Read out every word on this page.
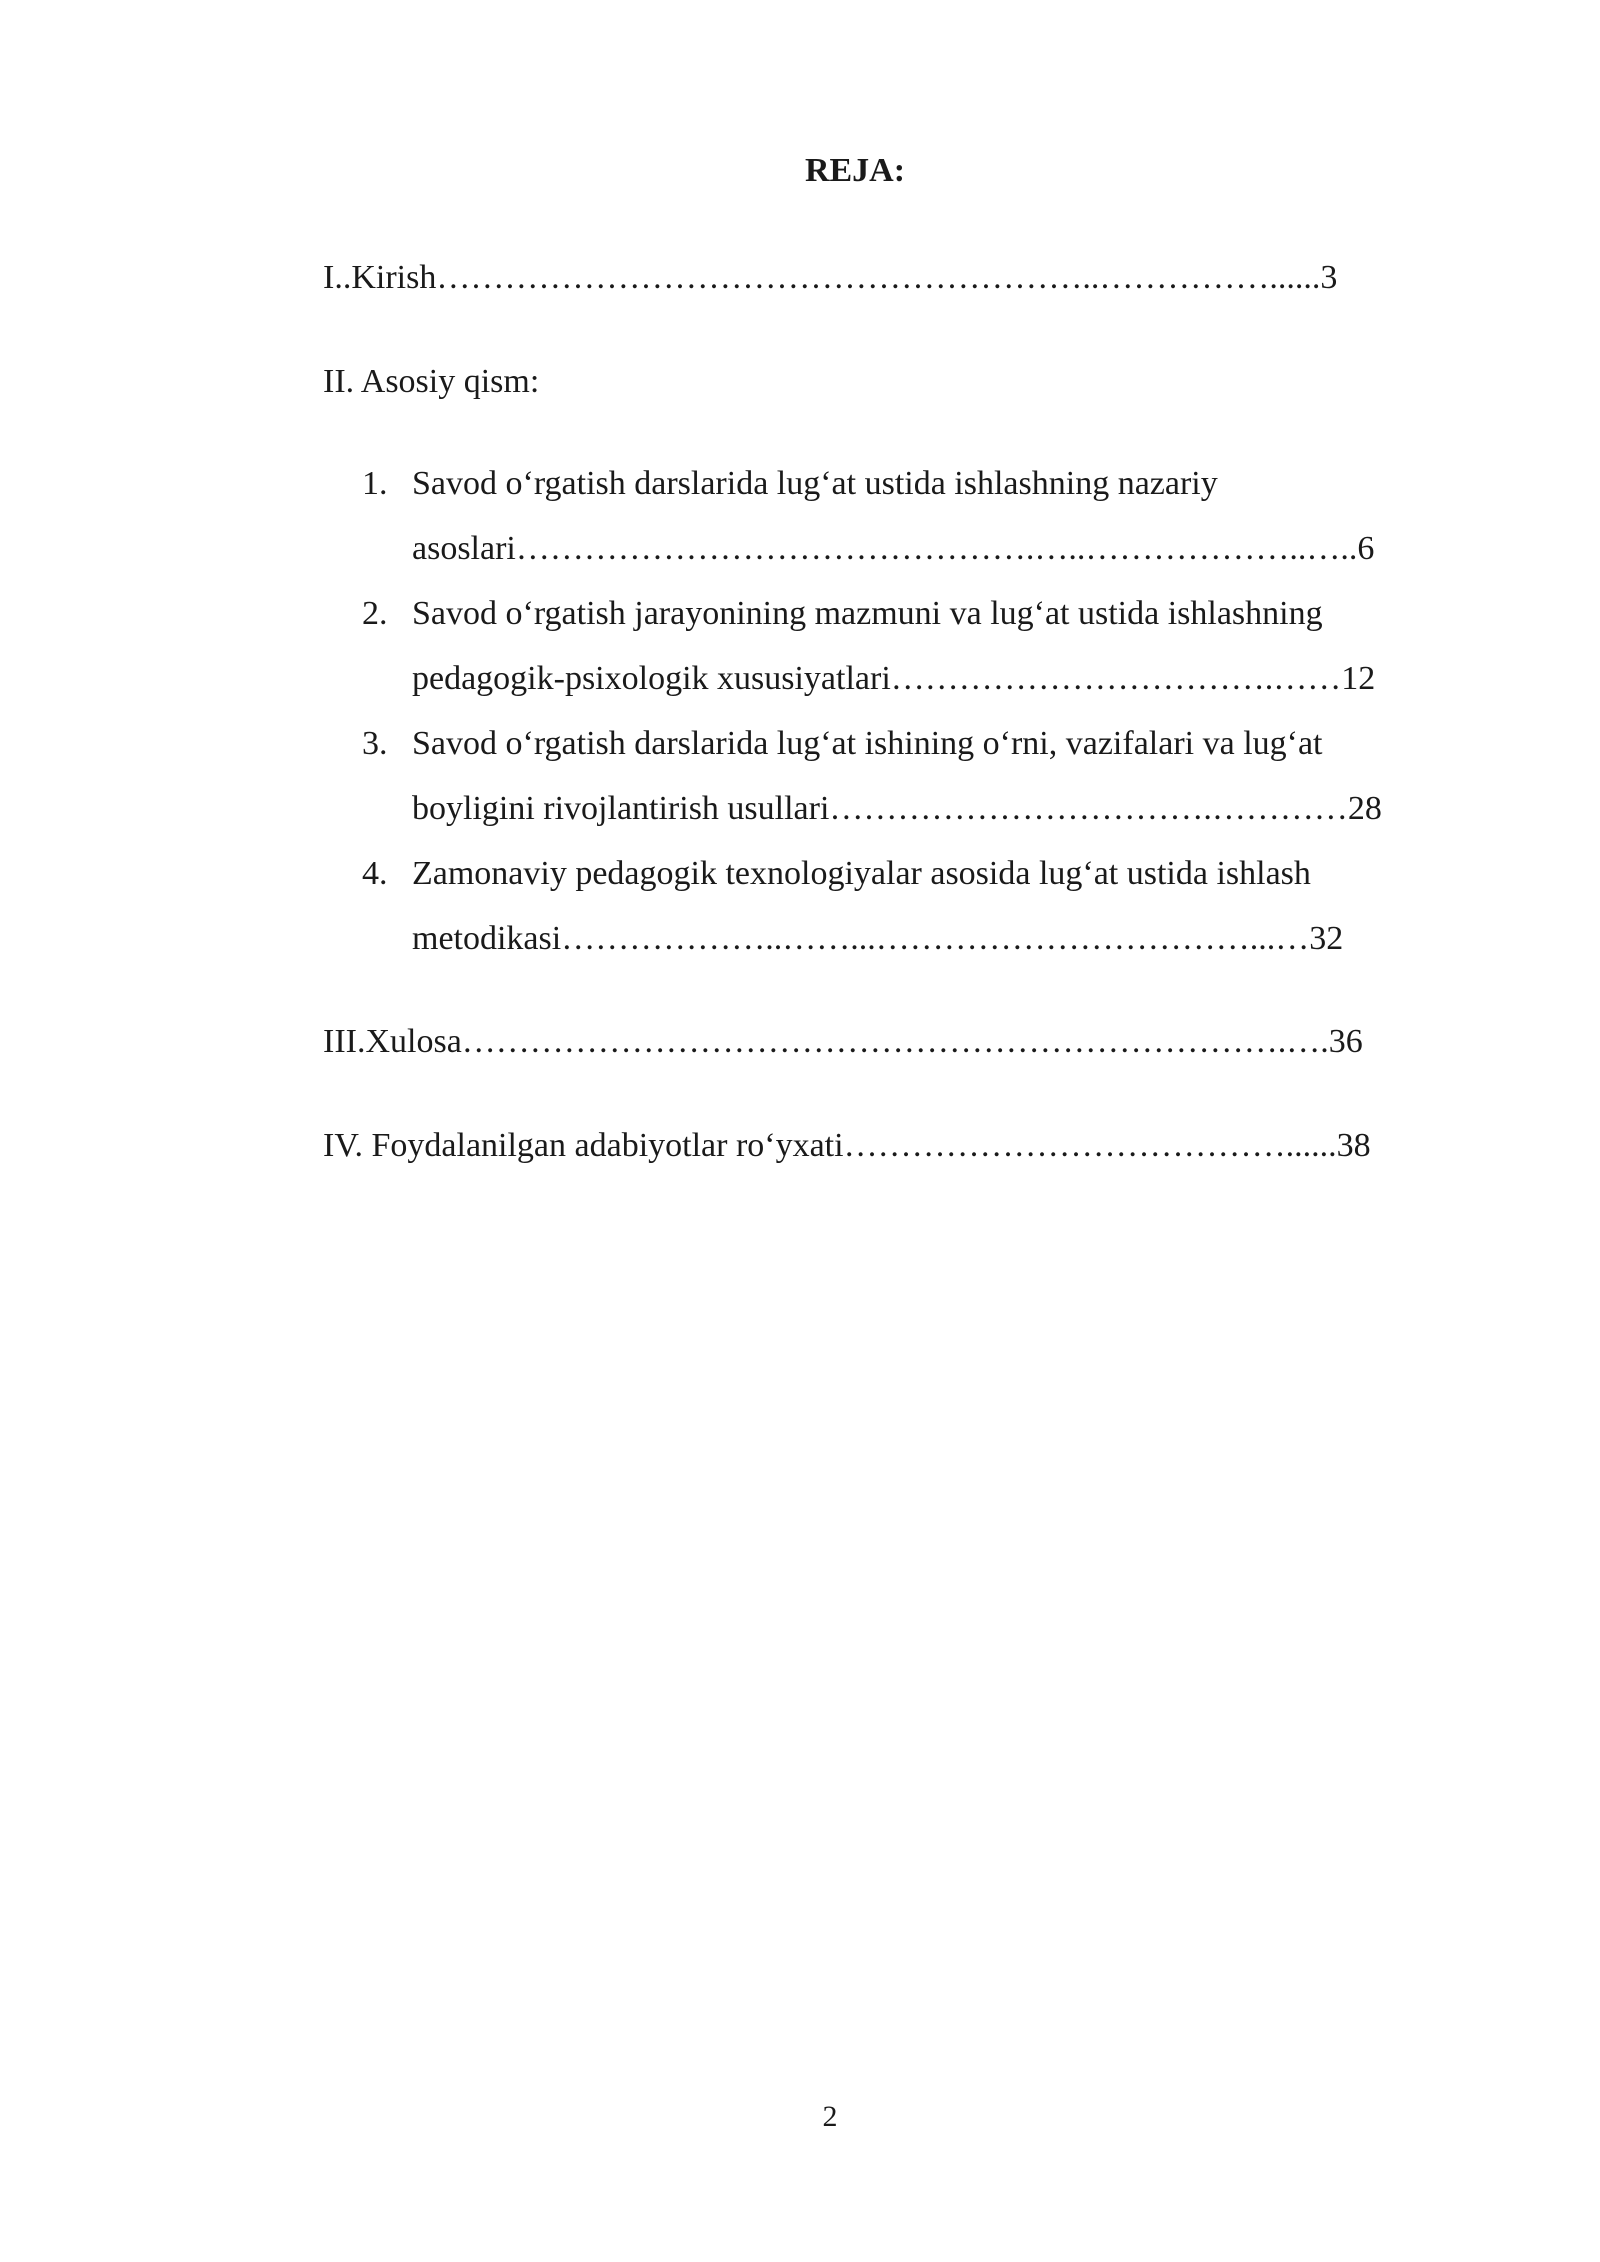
REJA:
I..Kirish…………………………………………………..……………......3
II. Asosiy qism:
1. Savod o‘rgatish darslarida lug‘at ustida ishlashning nazariy
asoslari……………………………………….…..………………..…..6
2. Savod o‘rgatish jarayonining mazmuni va lug‘at ustida ishlashning
pedagogik-psixologik xususiyatlari…………………………….……12
3. Savod o‘rgatish darslarida lug‘at ishining o‘rni, vazifalari va lug‘at
boyligini rivojlantirish usullari…………………………….…………28
4. Zamonaviy pedagogik texnologiyalar asosida lug‘at ustida ishlash
metodikasi………………..……...……………………………...…32
III.Xulosa……………………………………………………………….….36
IV. Foydalanilgan adabiyotlar ro‘yxati…………………………………......38
2
